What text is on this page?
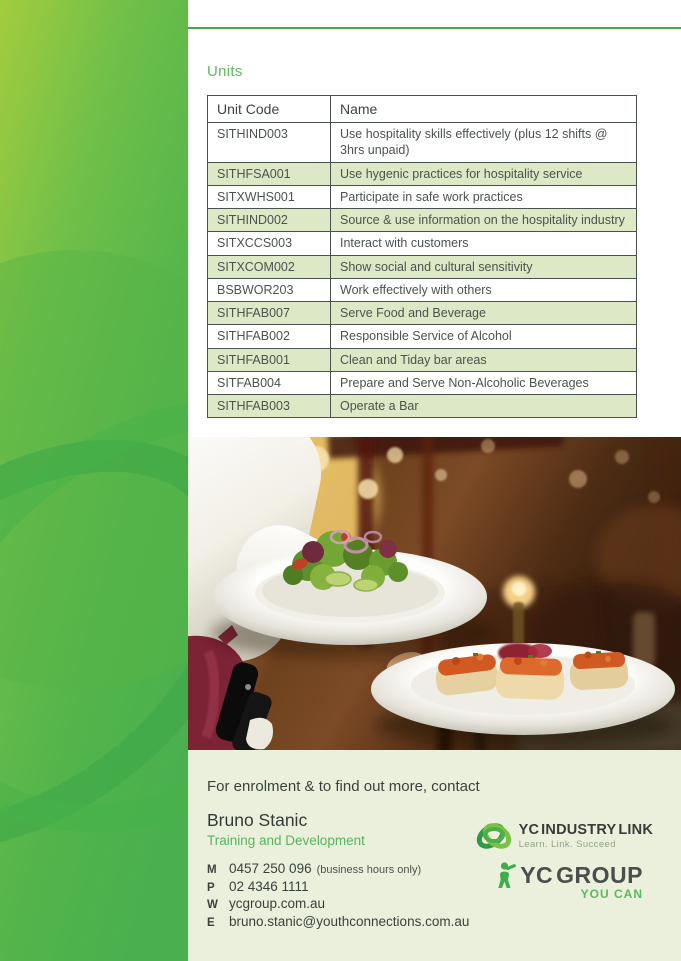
Units
Unit Code	Name
SITHIND003	Use hospitality skills effectively (plus 12 shifts @ 3hrs unpaid)
SITHFSA001	Use hygenic practices for hospitality service
SITXWHS001	Participate in safe work practices
SITHIND002	Source & use information on the hospitality industry
SITXCCS003	Interact with customers
SITXCOM002	Show social and cultural sensitivity
BSBWOR203	Work effectively with others
SITHFAB007	Serve Food and Beverage
SITHFAB002	Responsible Service of Alcohol
SITHFAB001	Clean and Tiday bar areas
SITFAB004	Prepare and Serve Non-Alcoholic Beverages
SITHFAB003	Operate a Bar
For enrolment & to find out more, contact
Bruno Stanic
Training and Development
M 0457 250 096 (business hours only)
P	02 4346 1111
W ycgroup.com.au
E	bruno.stanic@youthconnections.com.au
YC INDUSTRY LINK
Learn. Link. Succeed
YC GROUP
YOU CAN
